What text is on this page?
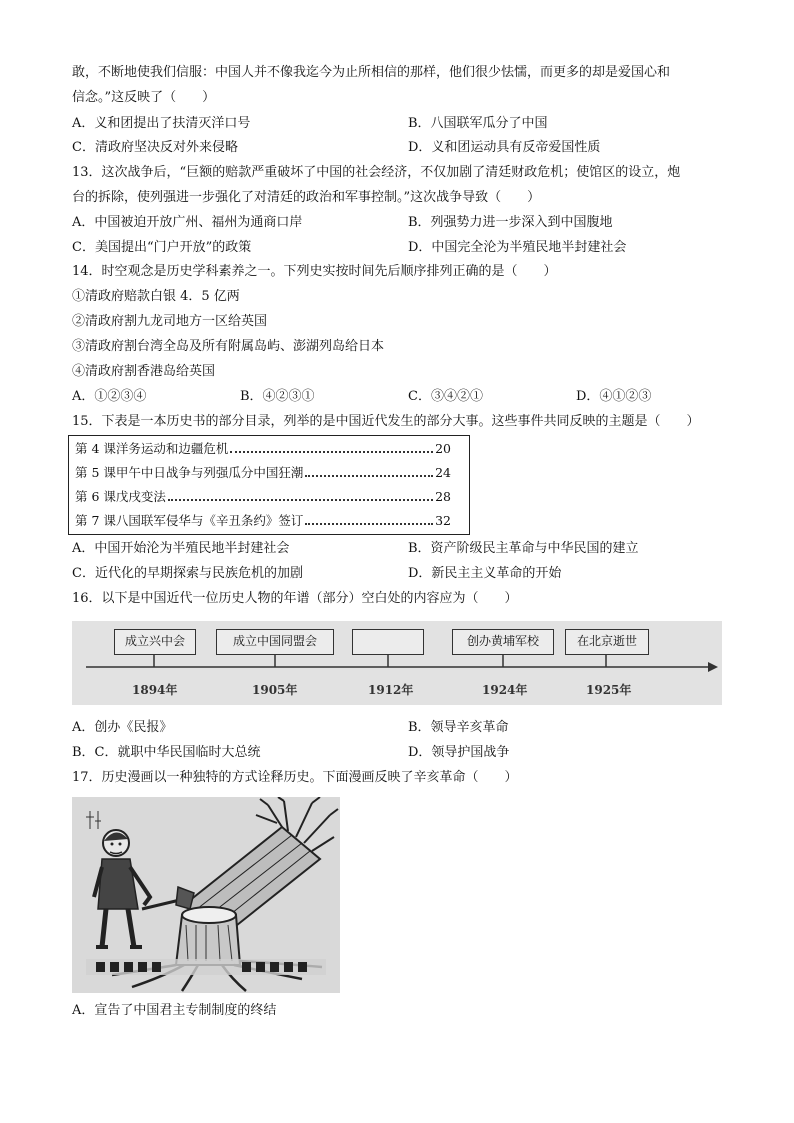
敢，不断地使我们信服：中国人并不像我迄今为止所相信的那样，他们很少怯懦，而更多的却是爱国心和
信念。”这反映了（　　）
A．义和团提出了扶清灭洋口号	B．八国联军瓜分了中国
C．清政府坚决反对外来侵略	D．义和团运动具有反帝爱国性质
13．这次战争后，“巨额的赔款严重破坏了中国的社会经济，不仅加剧了清廷财政危机；使馆区的设立，炮
台的拆除，使列强进一步强化了对清廷的政治和军事控制。”这次战争导致（　　）
A．中国被迫开放广州、福州为通商口岸	B．列强势力进一步深入到中国腹地
C．美国提出“门户开放”的政策	D．中国完全沦为半殖民地半封建社会
14．时空观念是历史学科素养之一。下列史实按时间先后顺序排列正确的是（　　）
①清政府赔款白银 4．5 亿两
②清政府割九龙司地方一区给英国
③清政府割台湾全岛及所有附属岛屿、澎湖列岛给日本
④清政府割香港岛给英国
A．①②③④	B．④②③①	C．③④②①	D．④①②③
15．下表是一本历史书的部分目录，列举的是中国近代发生的部分大事。这些事件共同反映的主题是（　　）
第 4 课洋务运动和边疆危机	20
第 5 课甲午中日战争与列强瓜分中国狂潮	24
第 6 课戊戌变法	28
第 7 课八国联军侵华与《辛丑条约》签订	32
A．中国开始沦为半殖民地半封建社会	B．资产阶级民主革命与中华民国的建立
C．近代化的早期探索与民族危机的加剧	D．新民主主义革命的开始
16．以下是中国近代一位历史人物的年谱（部分）空白处的内容应为（　　）
成立兴中会	成立中国同盟会	创办黄埔军校	在北京逝世
1894年	1905年	1912年	1924年	1925年
A．创办《民报》	B．领导辛亥革命
B．C．就职中华民国临时大总统	D．领导护国战争
17．历史漫画以一种独特的方式诠释历史。下面漫画反映了辛亥革命（　　）
A．宣告了中国君主专制制度的终结
